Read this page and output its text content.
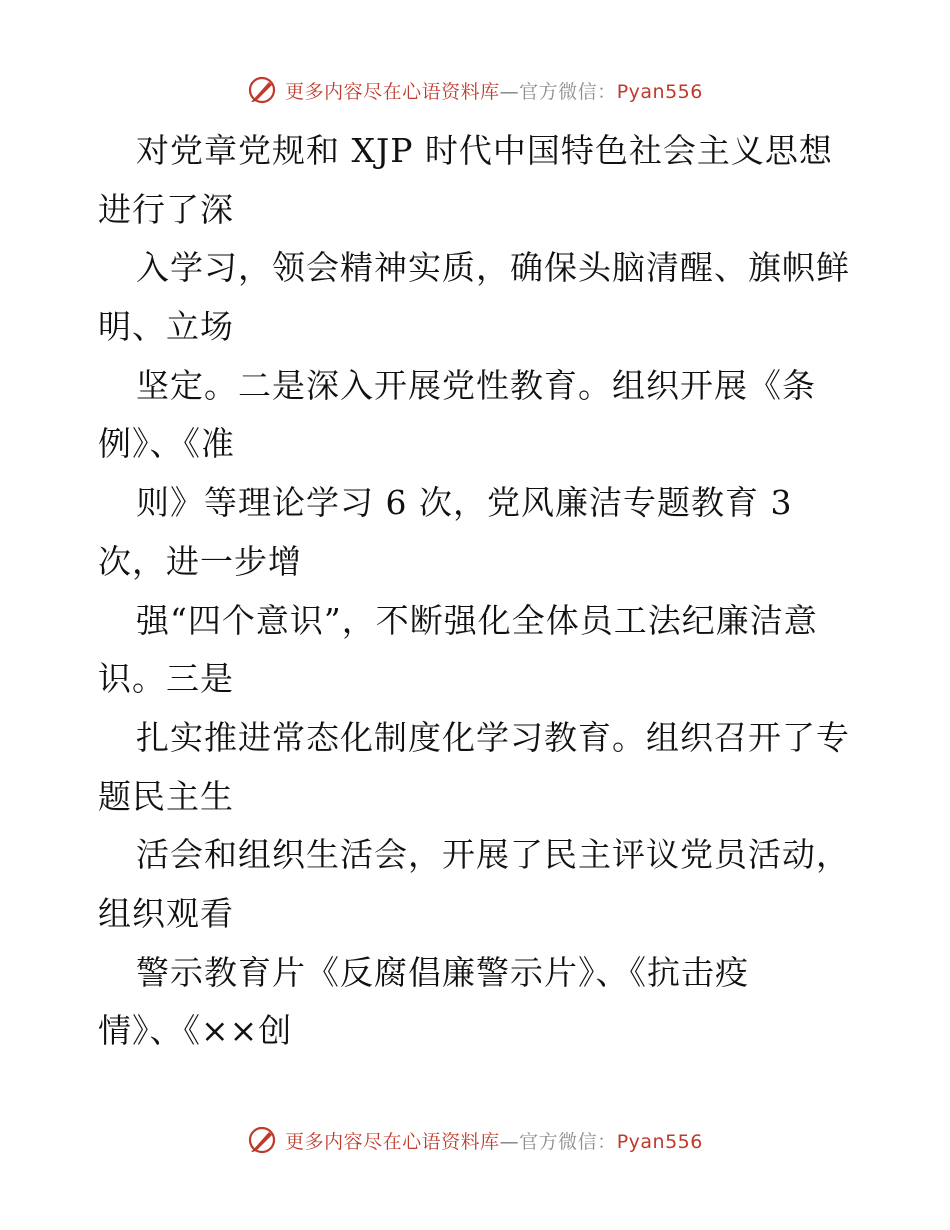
更多内容尽在心语资料库—官方微信：Pyan556
对党章党规和 XJP 时代中国特色社会主义思想
进行了深
入学习，领会精神实质，确保头脑清醒、旗帜鲜
明、立场
坚定。二是深入开展党性教育。组织开展《条
例》、《准
则》等理论学习 6 次，党风廉洁专题教育 3
次，进一步增
强“四个意识”，不断强化全体员工法纪廉洁意
识。三是
扎实推进常态化制度化学习教育。组织召开了专
题民主生
活会和组织生活会，开展了民主评议党员活动，
组织观看
警示教育片《反腐倡廉警示片》、《抗击疫
情》、《××创
更多内容尽在心语资料库—官方微信：Pyan556
